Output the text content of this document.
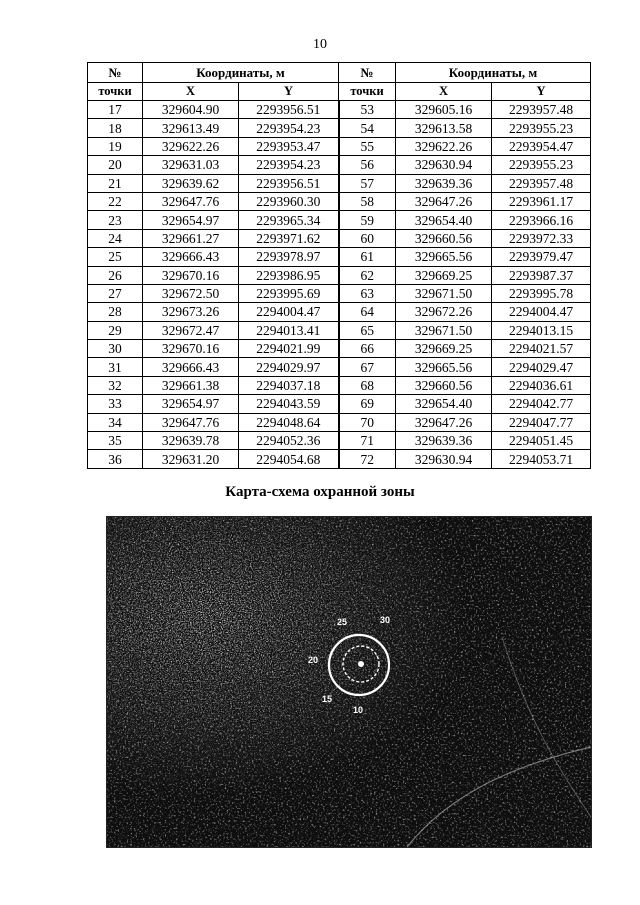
10
№	Координаты, м		№	Координаты, м	
точки	X	Y	точки	X	Y
17	329604.90	2293956.51	53	329605.16	2293957.48
18	329613.49	2293954.23	54	329613.58	2293955.23
19	329622.26	2293953.47	55	329622.26	2293954.47
20	329631.03	2293954.23	56	329630.94	2293955.23
21	329639.62	2293956.51	57	329639.36	2293957.48
22	329647.76	2293960.30	58	329647.26	2293961.17
23	329654.97	2293965.34	59	329654.40	2293966.16
24	329661.27	2293971.62	60	329660.56	2293972.33
25	329666.43	2293978.97	61	329665.56	2293979.47
26	329670.16	2293986.95	62	329669.25	2293987.37
27	329672.50	2293995.69	63	329671.50	2293995.78
28	329673.26	2294004.47	64	329672.26	2294004.47
29	329672.47	2294013.41	65	329671.50	2294013.15
30	329670.16	2294021.99	66	329669.25	2294021.57
31	329666.43	2294029.97	67	329665.56	2294029.47
32	329661.38	2294037.18	68	329660.56	2294036.61
33	329654.97	2294043.59	69	329654.40	2294042.77
34	329647.76	2294048.64	70	329647.26	2294047.77
35	329639.78	2294052.36	71	329639.36	2294051.45
36	329631.20	2294054.68	72	329630.94	2294053.71
Карта-схема охранной зоны
30
25
20
15
10
